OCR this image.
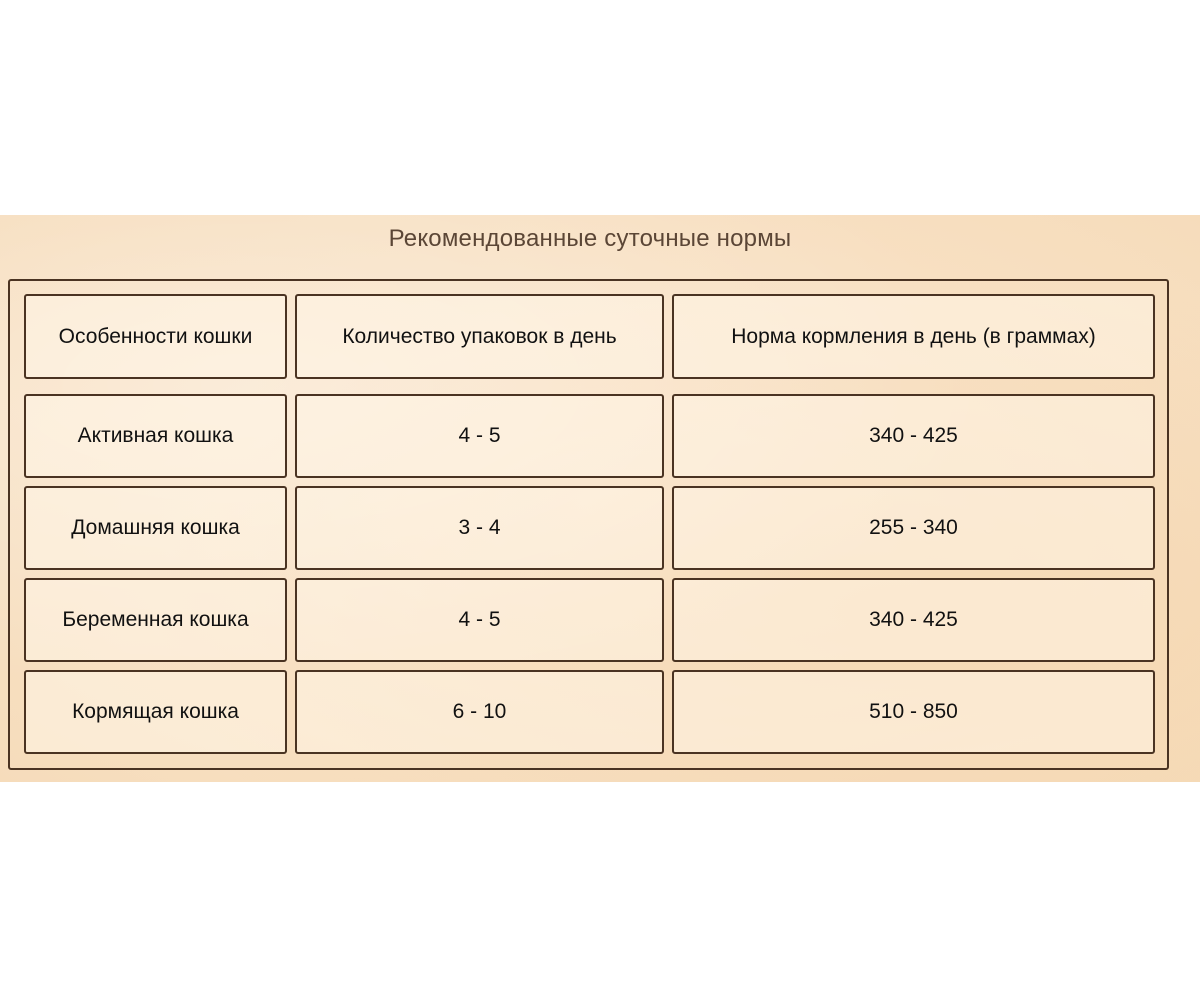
Рекомендованные суточные нормы
Особенности кошки	Количество упаковок в день	Норма кормления в день (в граммах)
Активная кошка	4 - 5	340 - 425
Домашняя кошка	3 - 4	255 - 340
Беременная кошка	4 - 5	340 - 425
Кормящая кошка	6 - 10	510 - 850
